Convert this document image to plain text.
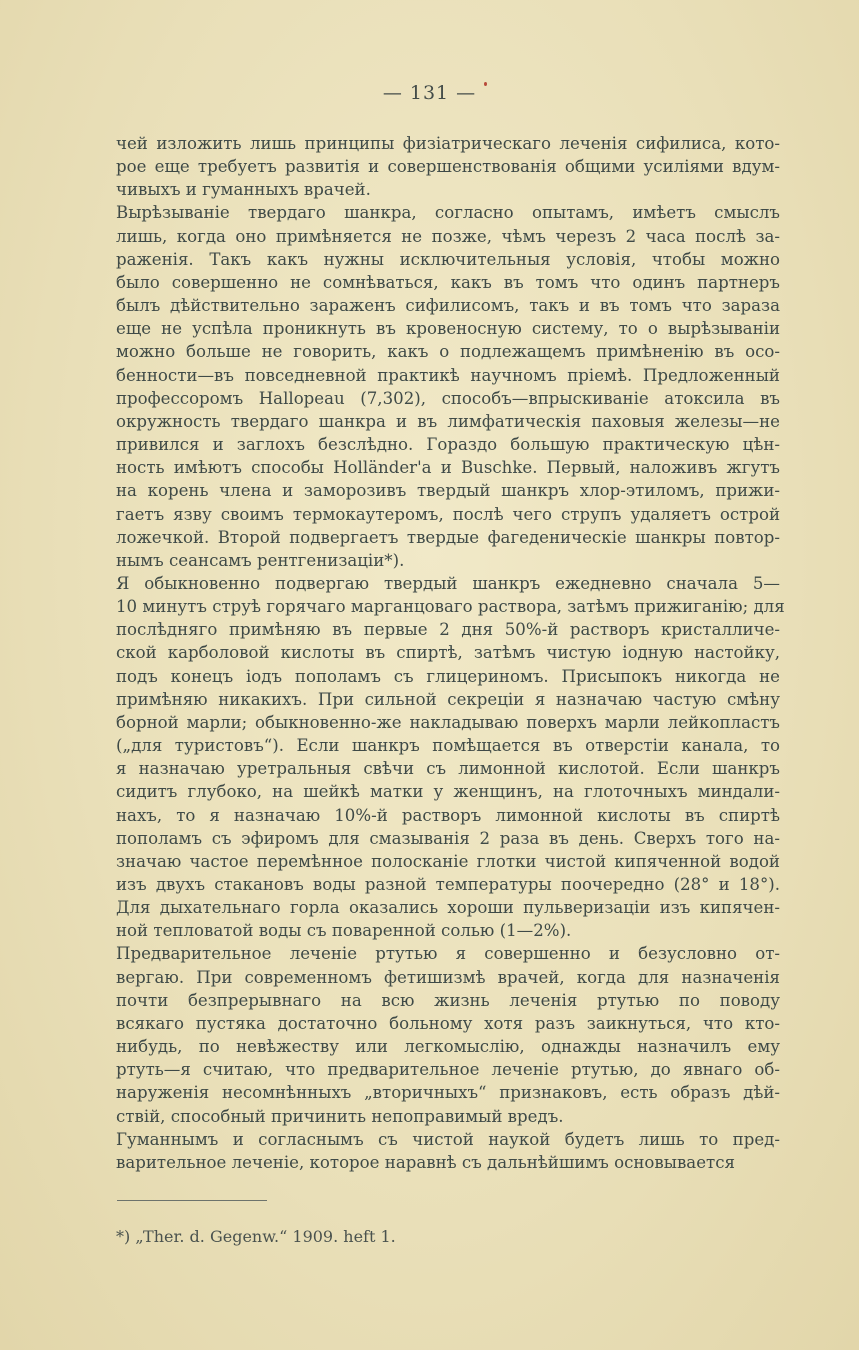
— 131 —

чей изложить лишь принципы физіатрическаго леченія сифилиса, кото-
рое еще требуетъ развитія и совершенствованія общими усиліями вдум-
чивыхъ и гуманныхъ врачей.

Вырѣзываніе твердаго шанкра, согласно опытамъ, имѣетъ смыслъ
лишь, когда оно примѣняется не позже, чѣмъ черезъ 2 часа послѣ за-
раженія. Такъ какъ нужны исключительныя условія, чтобы можно
было совершенно не сомнѣваться, какъ въ томъ что одинъ партнеръ
былъ дѣйствительно зараженъ сифилисомъ, такъ и въ томъ что зараза
еще не успѣла проникнуть въ кровеносную систему, то о вырѣзываніи
можно больше не говорить, какъ о подлежащемъ примѣненію въ осо-
бенности—въ повседневной практикѣ научномъ пріемѣ. Предложенный
профессоромъ Hallopeau (7,302), способъ—впрыскиваніе атоксила въ
окружность твердаго шанкра и въ лимфатическія паховыя железы—не
привился и заглохъ безслѣдно. Гораздо большую практическую цѣн-
ность имѣютъ способы Holländer'а и Buschke. Первый, наложивъ жгутъ
на корень члена и заморозивъ твердый шанкръ хлор-этиломъ, прижи-
гаетъ язву своимъ термокаутеромъ, послѣ чего струпъ удаляетъ острой
ложечкой. Второй подвергаетъ твердые фагеденическіе шанкры повтор-
нымъ сеансамъ рентгенизаціи*).

Я обыкновенно подвергаю твердый шанкръ ежедневно сначала 5—
10 минутъ струѣ горячаго марганцоваго раствора, затѣмъ прижиганію; для
послѣдняго примѣняю въ первые 2 дня 50%-й растворъ кристалличе-
ской карболовой кислоты въ спиртѣ, затѣмъ чистую іодную настойку,
подъ конецъ іодъ пополамъ съ глицериномъ. Присыпокъ никогда не
примѣняю никакихъ. При сильной секреціи я назначаю частую смѣну
борной марли; обыкновенно-же накладываю поверхъ марли лейкопластъ
(„для туристовъ“). Если шанкръ помѣщается въ отверстіи канала, то
я назначаю уретральныя свѣчи съ лимонной кислотой. Если шанкръ
сидитъ глубоко, на шейкѣ матки у женщинъ, на глоточныхъ миндали-
нахъ, то я назначаю 10%-й растворъ лимонной кислоты въ спиртѣ
пополамъ съ эфиромъ для смазыванія 2 раза въ день. Сверхъ того на-
значаю частое перемѣнное полосканіе глотки чистой кипяченной водой
изъ двухъ стакановъ воды разной температуры поочередно (28° и 18°).
Для дыхательнаго горла оказались хороши пульверизаціи изъ кипячен-
ной тепловатой воды съ поваренной солью (1—2%).

Предварительное леченіе ртутью я совершенно и безусловно от-
вергаю. При современномъ фетишизмѣ врачей, когда для назначенія
почти безпрерывнаго на всю жизнь леченія ртутью по поводу
всякаго пустяка достаточно больному хотя разъ заикнуться, что кто-
нибудь, по невѣжеству или легкомыслію, однажды назначилъ ему
ртуть—я считаю, что предварительное леченіе ртутью, до явнаго об-
наруженія несомнѣнныхъ „вторичныхъ“ признаковъ, есть образъ дѣй-
ствій, способный причинить непоправимый вредъ.

Гуманнымъ и согласнымъ съ чистой наукой будетъ лишь то пред-
варительное леченіе, которое наравнѣ съ дальнѣйшимъ основывается

*) „Ther. d. Gegenw.“ 1909. heft 1.
